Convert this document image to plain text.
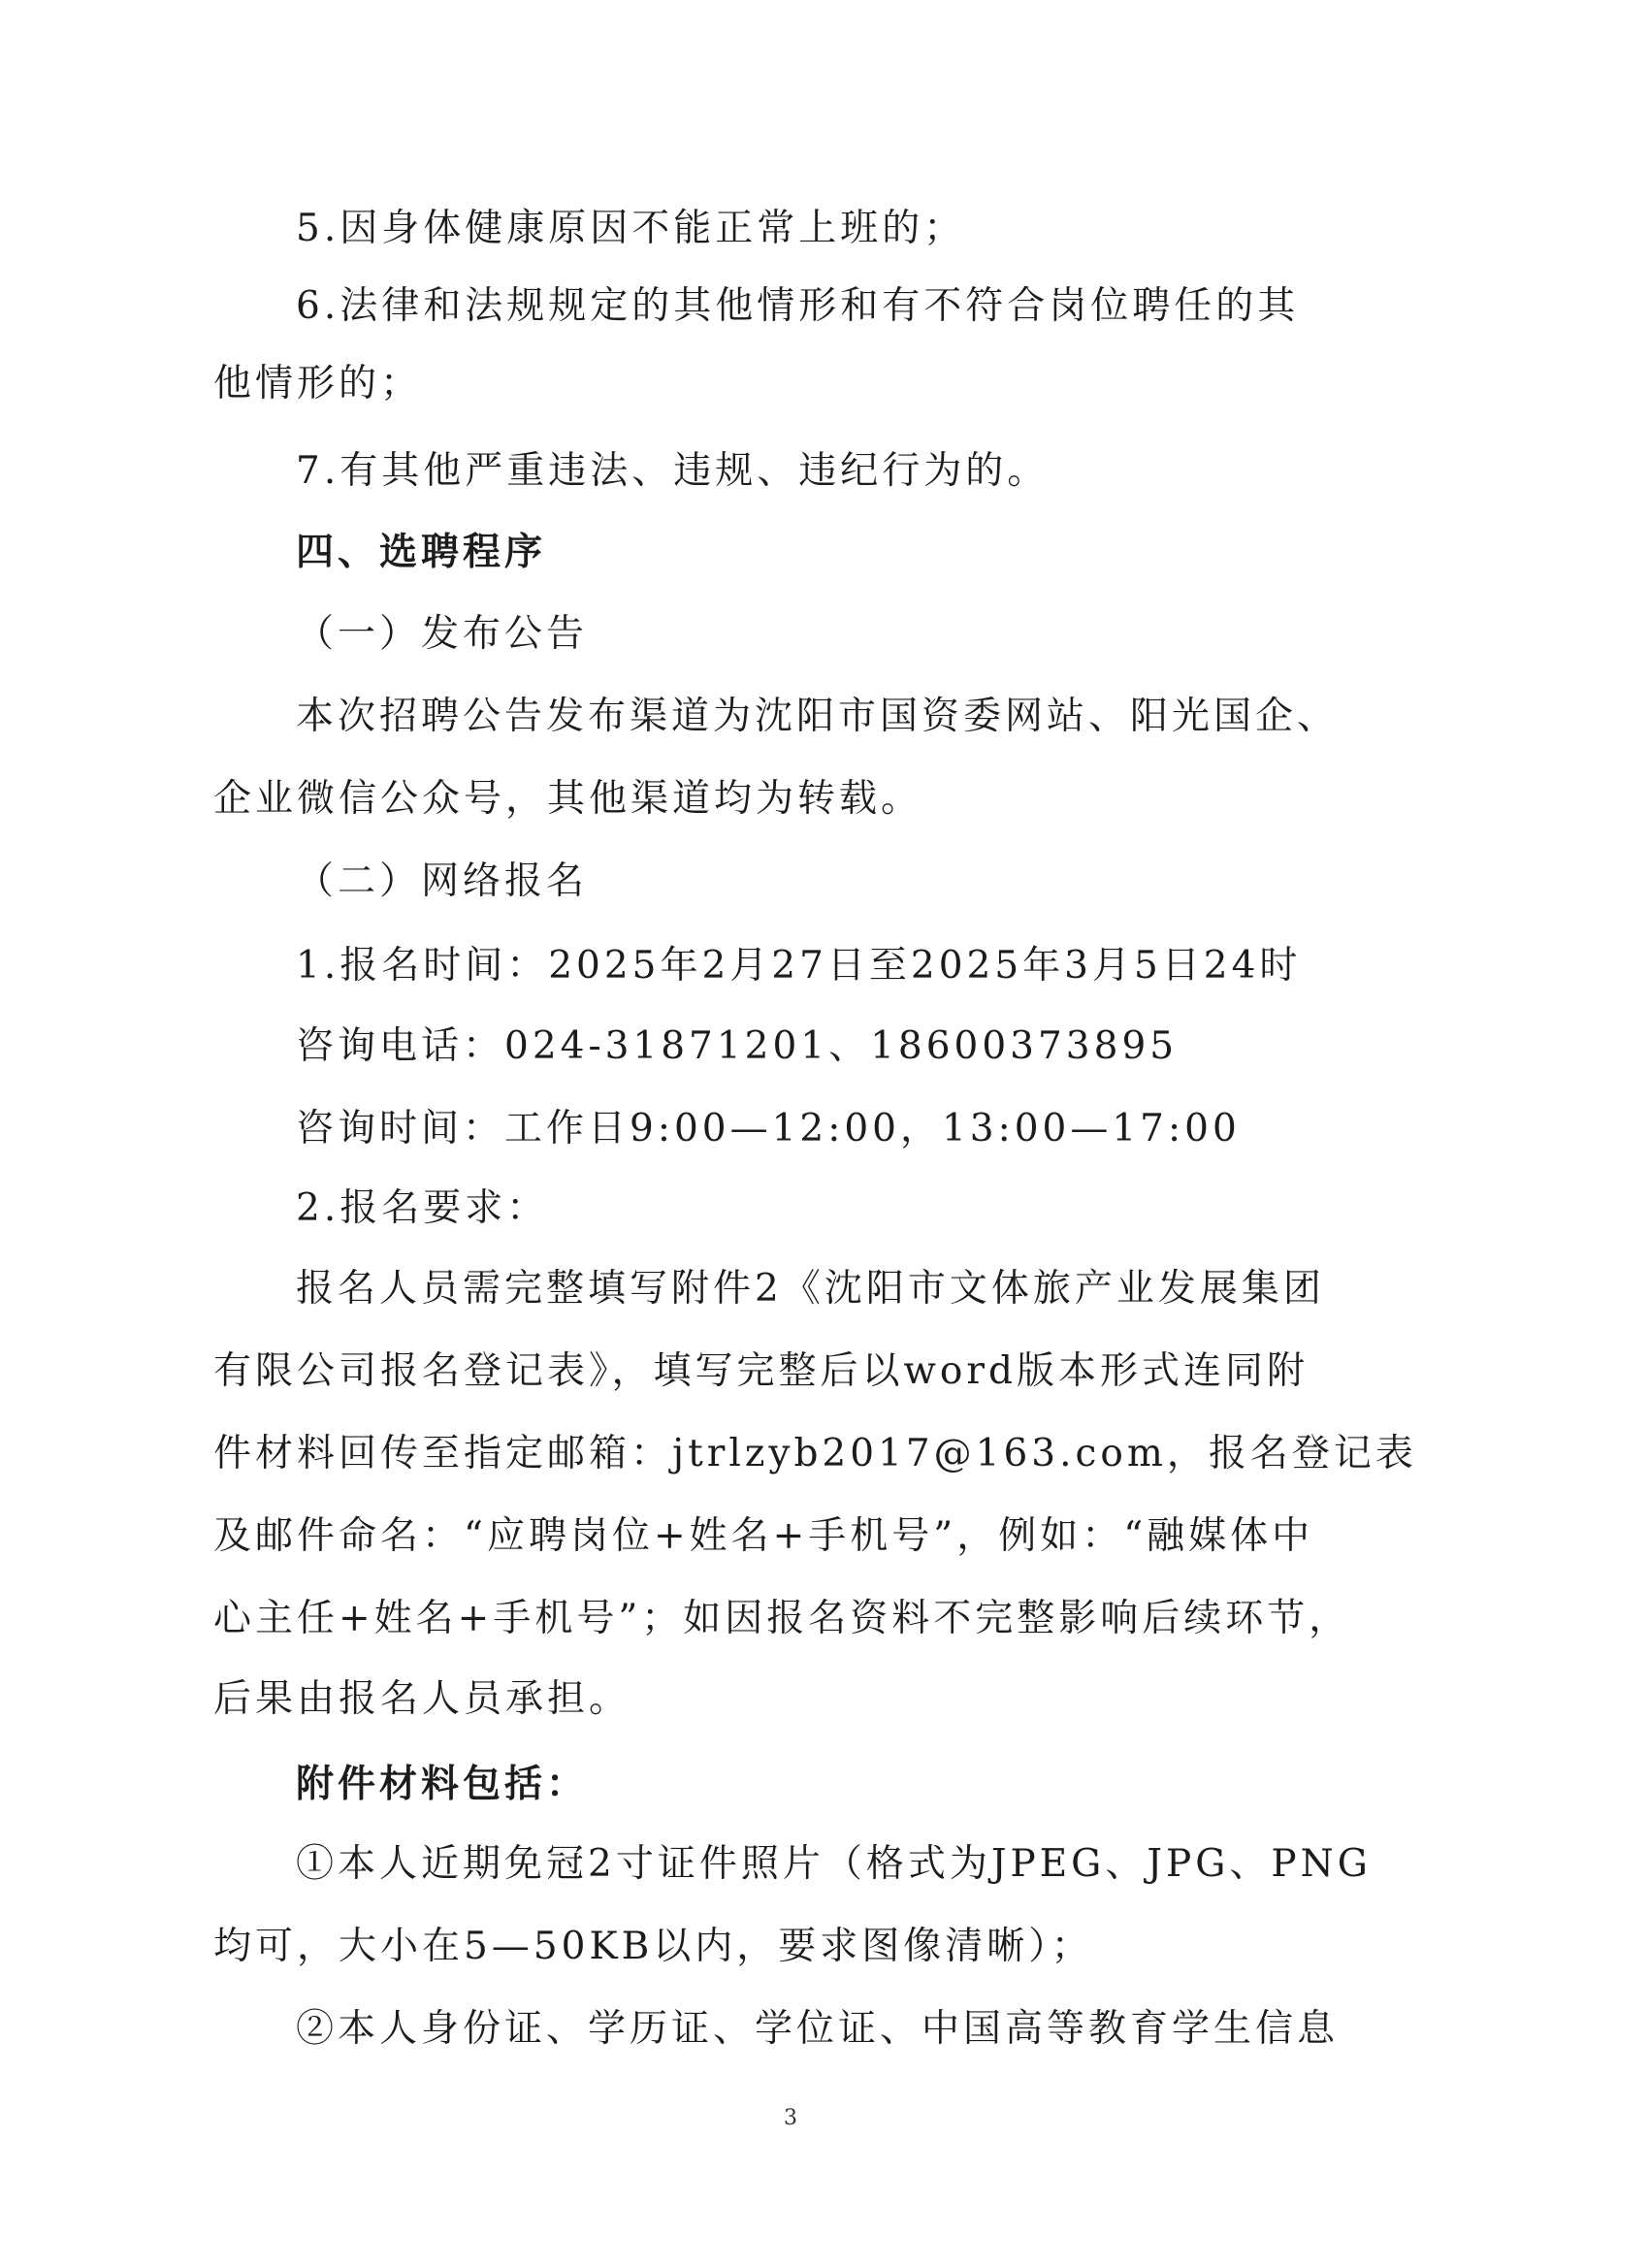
5.因身体健康原因不能正常上班的；
6.法律和法规规定的其他情形和有不符合岗位聘任的其
他情形的；
7.有其他严重违法、违规、违纪行为的。
四、选聘程序
（一）发布公告
本次招聘公告发布渠道为沈阳市国资委网站、阳光国企、
企业微信公众号，其他渠道均为转载。
（二）网络报名
1.报名时间：2025年2月27日至2025年3月5日24时
咨询电话：024-31871201、18600373895
咨询时间：工作日9:00—12:00，13:00—17:00
2.报名要求：
报名人员需完整填写附件2《沈阳市文体旅产业发展集团
有限公司报名登记表》，填写完整后以word版本形式连同附
件材料回传至指定邮箱：jtrlzyb2017@163.com，报名登记表
及邮件命名：“应聘岗位+姓名+手机号”，例如：“融媒体中
心主任+姓名+手机号”；如因报名资料不完整影响后续环节，
后果由报名人员承担。
附件材料包括：
①本人近期免冠2寸证件照片（格式为JPEG、JPG、PNG
均可，大小在5—50KB以内，要求图像清晰）；
②本人身份证、学历证、学位证、中国高等教育学生信息
3
